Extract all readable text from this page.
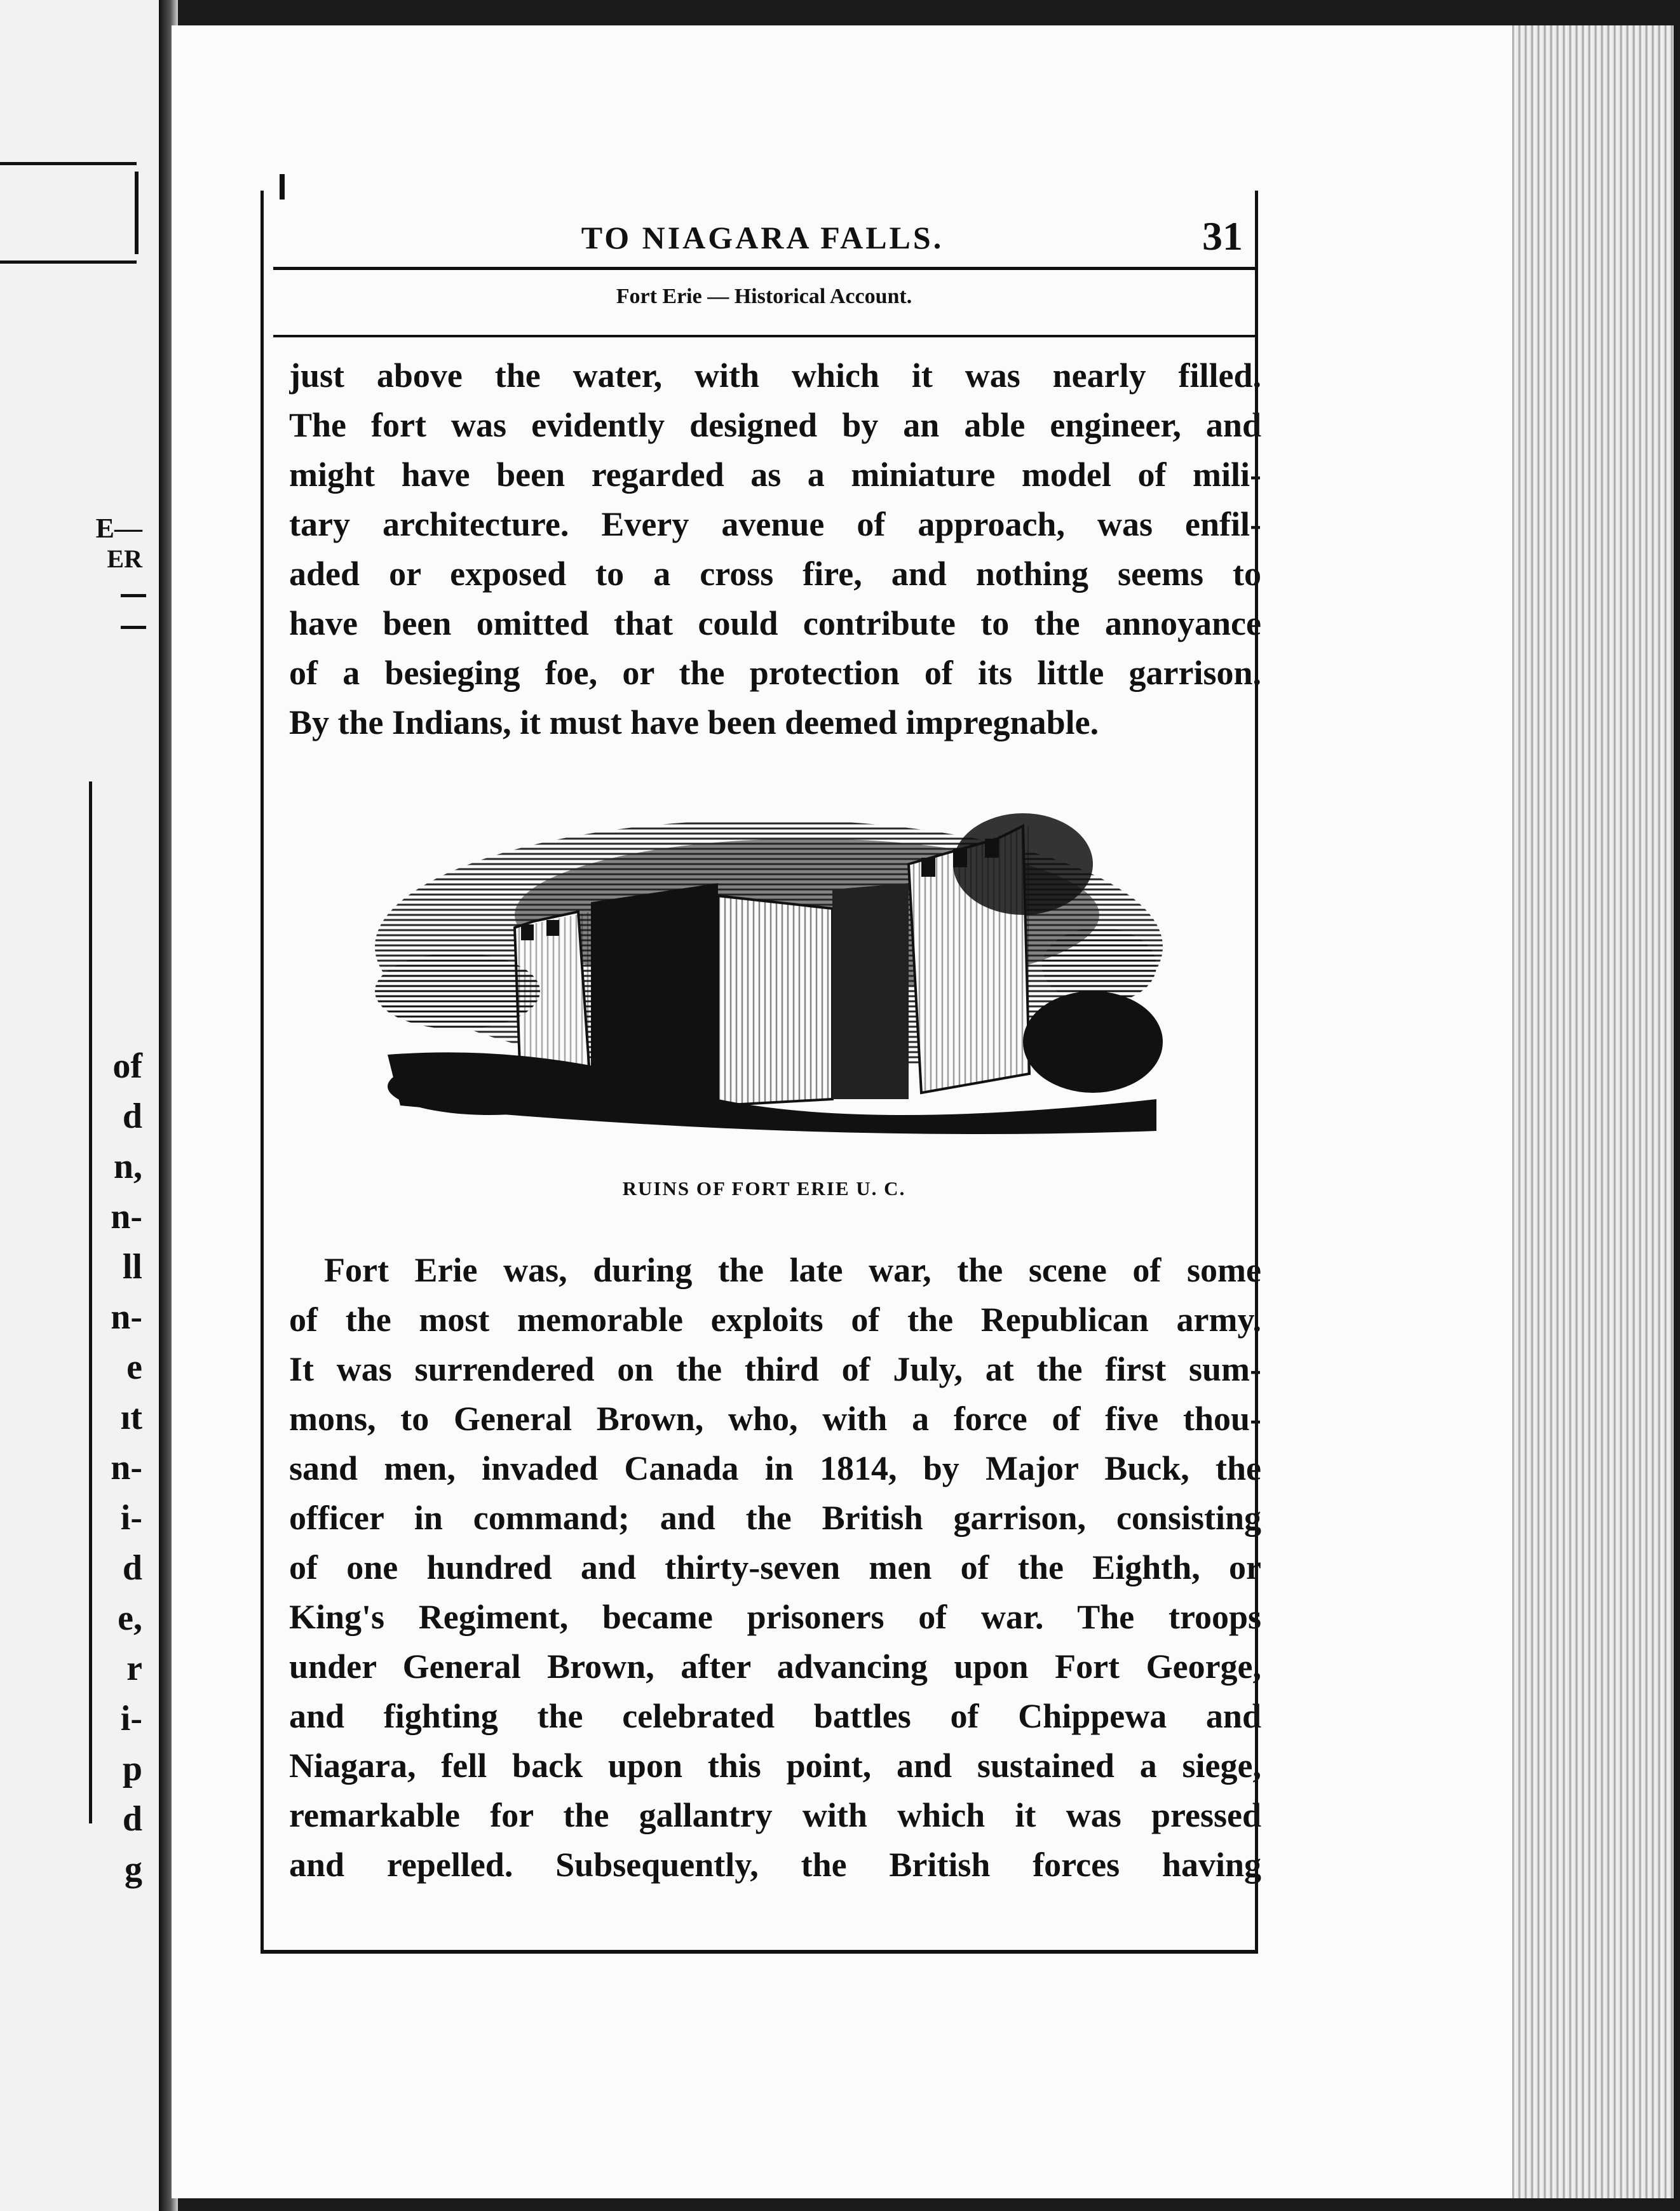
E—
ER
of
d
n,
n-
ll
n-
e
ıt
n-
i-
d
e,
r
i-
p
d
g
TO NIAGARA FALLS.	31
Fort Erie — Historical Account.
just above the water, with which it was nearly filled.
The fort was evidently designed by an able engineer, and
might have been regarded as a miniature model of mili-
tary architecture. Every avenue of approach, was enfil-
aded or exposed to a cross fire, and nothing seems to
have been omitted that could contribute to the annoyance
of a besieging foe, or the protection of its little garrison.
By the Indians, it must have been deemed impregnable.
RUINS OF FORT ERIE U. C.
Fort Erie was, during the late war, the scene of some
of the most memorable exploits of the Republican army.
It was surrendered on the third of July, at the first sum-
mons, to General Brown, who, with a force of five thou-
sand men, invaded Canada in 1814, by Major Buck, the
officer in command; and the British garrison, consisting
of one hundred and thirty-seven men of the Eighth, or
King's Regiment, became prisoners of war. The troops
under General Brown, after advancing upon Fort George,
and fighting the celebrated battles of Chippewa and
Niagara, fell back upon this point, and sustained a siege,
remarkable for the gallantry with which it was pressed
and repelled. Subsequently, the British forces having
